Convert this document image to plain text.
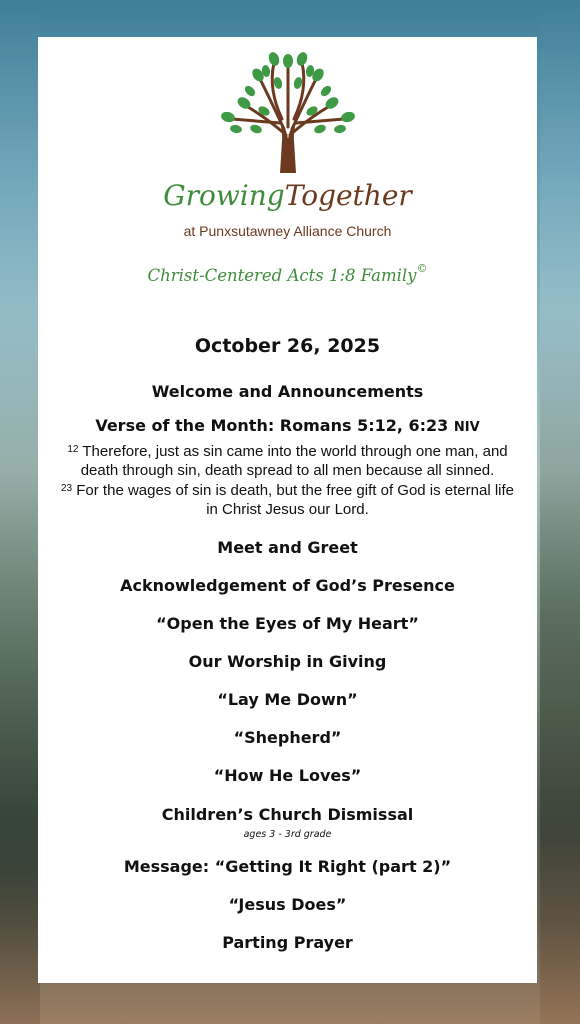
GrowingTogether
at Punxsutawney Alliance Church
Christ-Centered Acts 1:8 Family©
October 26, 2025
Welcome and Announcements
Verse of the Month: Romans 5:12, 6:23 NIV
$^{12}$ Therefore, just as sin came into the world through one man, and death through sin, death spread to all men because all sinned.
$^{23}$ For the wages of sin is death, but the free gift of God is eternal life in Christ Jesus our Lord.
Meet and Greet
Acknowledgement of God’s Presence
“Open the Eyes of My Heart”
Our Worship in Giving
“Lay Me Down”
“Shepherd”
“How He Loves”
Children’s Church Dismissal
ages 3 - 3rd grade
Message: “Getting It Right (part 2)”
“Jesus Does”
Parting Prayer
